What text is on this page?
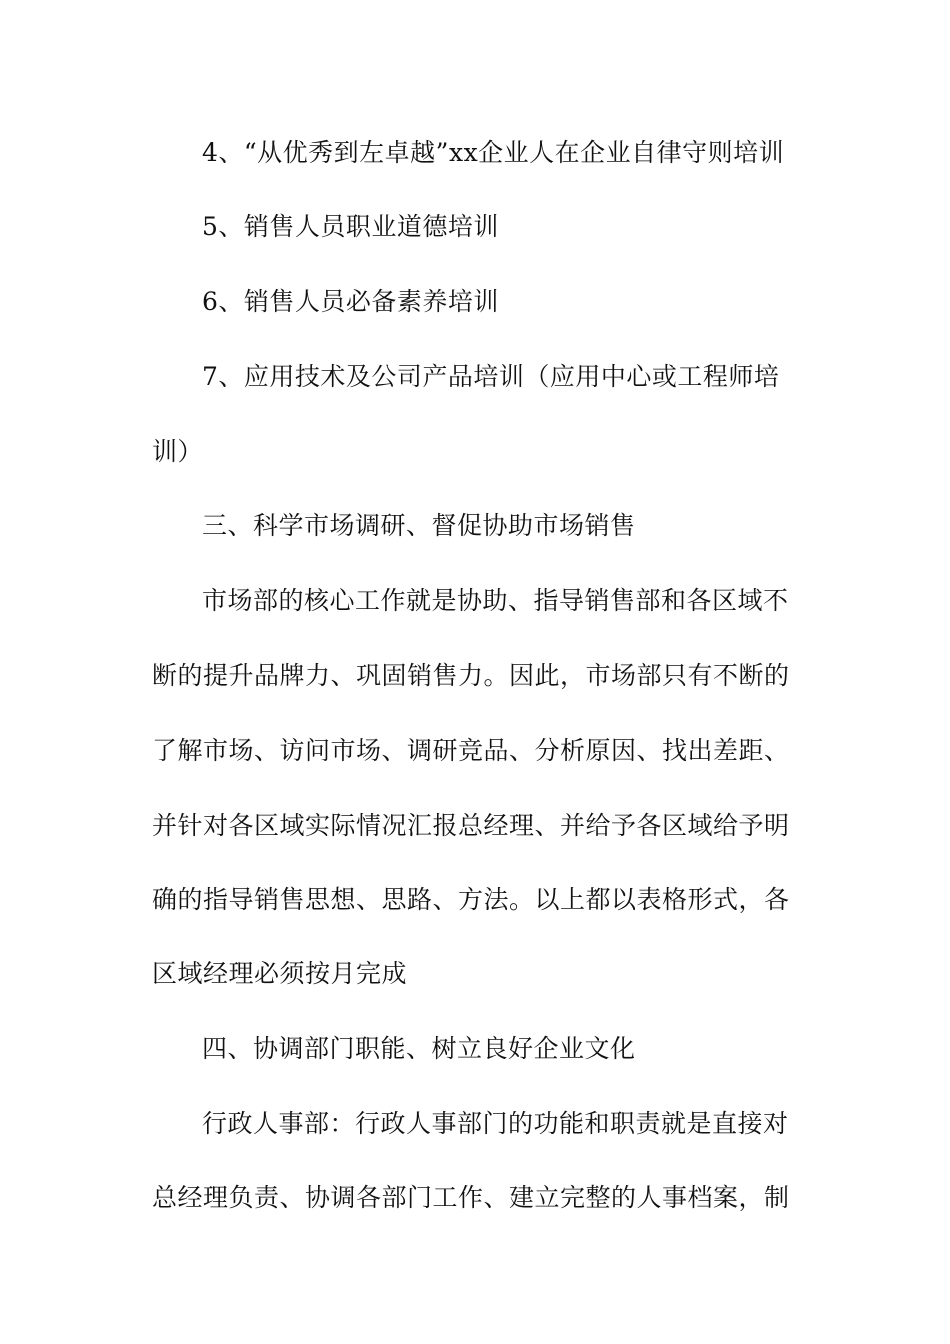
4、“从优秀到左卓越”xx企业人在企业自律守则培训
5、销售人员职业道德培训
6、销售人员必备素养培训
7、应用技术及公司产品培训（应用中心或工程师培
训）
三、科学市场调研、督促协助市场销售
市场部的核心工作就是协助、指导销售部和各区域不
断的提升品牌力、巩固销售力。因此，市场部只有不断的
了解市场、访问市场、调研竞品、分析原因、找出差距、
并针对各区域实际情况汇报总经理、并给予各区域给予明
确的指导销售思想、思路、方法。以上都以表格形式，各
区域经理必须按月完成
四、协调部门职能、树立良好企业文化
行政人事部：行政人事部门的功能和职责就是直接对
总经理负责、协调各部门工作、建立完整的人事档案，制
